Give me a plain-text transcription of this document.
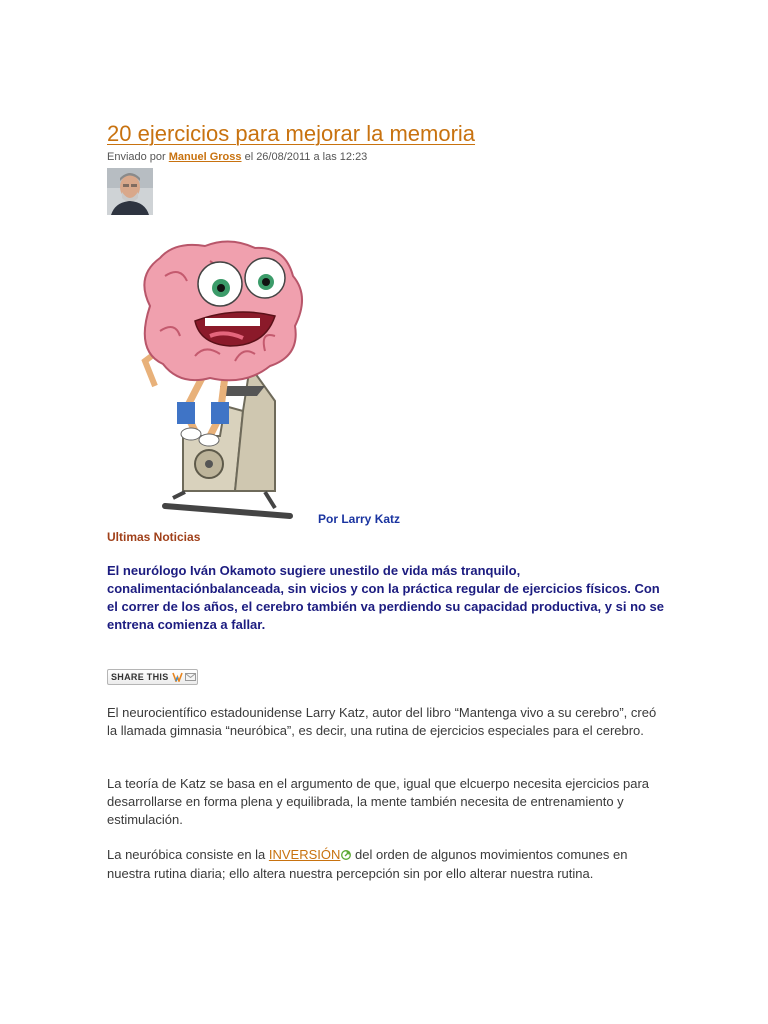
20 ejercicios para mejorar la memoria
Enviado por Manuel Gross el 26/08/2011 a las 12:23
Por Larry Katz
Ultimas Noticias
El neurólogo Iván Okamoto sugiere unestilo de vida más tranquilo, conalimentaciónbalanceada, sin vicios y con la práctica regular de ejercicios físicos. Con el correr de los años, el cerebro también va perdiendo su capacidad productiva, y si no se entrena comienza a fallar.
SHARE THIS
El neurocientífico estadounidense Larry Katz, autor del libro “Mantenga vivo a su cerebro”, creó la llamada gimnasia “neuróbica”, es decir, una rutina de ejercicios especiales para el cerebro.
La teoría de Katz se basa en el argumento de que, igual que elcuerpo necesita ejercicios para desarrollarse en forma plena y equilibrada, la mente también necesita de entrenamiento y estimulación.
La neuróbica consiste en la INVERSIÓN del orden de algunos movimientos comunes en nuestra rutina diaria; ello altera nuestra percepción sin por ello alterar nuestra rutina.
